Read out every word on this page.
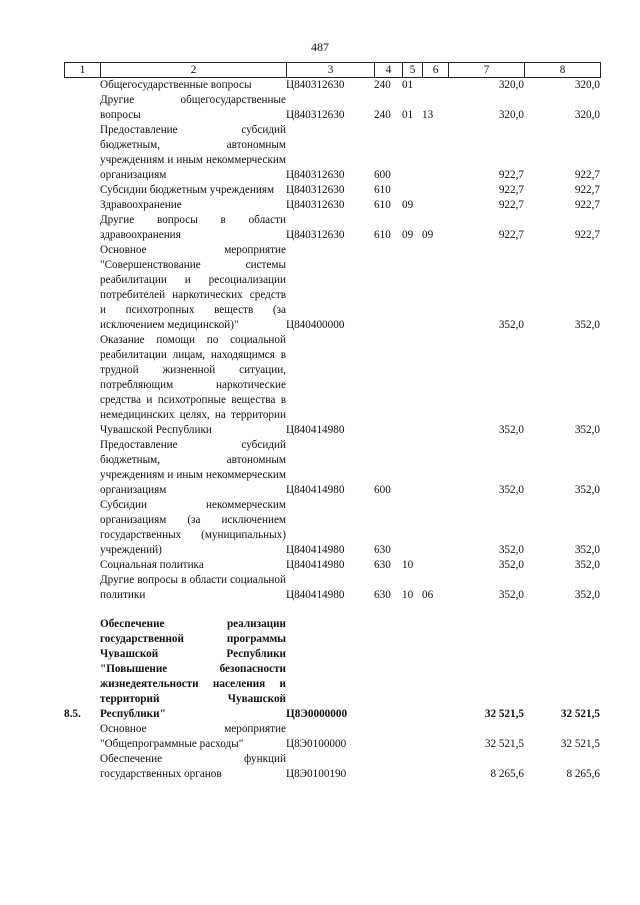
487
1	2	3	4	5	6	7	8

	Общегосударственные вопросы	Ц840312630	240	01		320,0	320,0

	Другие общегосударственные вопросы	Ц840312630	240	01	13	320,0	320,0

	Предоставление субсидий бюджетным, автономным учреждениям и иным некоммерческим организациям	Ц840312630	600			922,7	922,7

	Субсидии бюджетным учреждениям	Ц840312630	610			922,7	922,7

	Здравоохранение	Ц840312630	610	09		922,7	922,7

	Другие вопросы в области здравоохранения	Ц840312630	610	09	09	922,7	922,7

	Основное мероприятие "Совершенствование системы реабилитации и ресоциализации потребителей наркотических средств и психотропных веществ (за исключением медицинской)"	Ц840400000				352,0	352,0

	Оказание помощи по социальной реабилитации лицам, находящимся в трудной жизненной ситуации, потребляющим наркотические средства и психотропные вещества в немедицинских целях, на территории Чувашской Республики	Ц840414980				352,0	352,0

	Предоставление субсидий бюджетным, автономным учреждениям и иным некоммерческим организациям	Ц840414980	600			352,0	352,0

	Субсидии некоммерческим организациям (за исключением государственных (муниципальных) учреждений)	Ц840414980	630			352,0	352,0

	Социальная политика	Ц840414980	630	10		352,0	352,0

	Другие вопросы в области социальной политики	Ц840414980	630	10	06	352,0	352,0

8.5.	Обеспечение реализации государственной программы Чувашской Республики "Повышение безопасности жизнедеятельности населения и территорий Чувашской Республики"	Ц8Э0000000				32 521,5	32 521,5

	Основное мероприятие "Общепрограммные расходы"	Ц8Э0100000				32 521,5	32 521,5

	Обеспечение функций государственных органов	Ц8Э0100190				8 265,6	8 265,6
